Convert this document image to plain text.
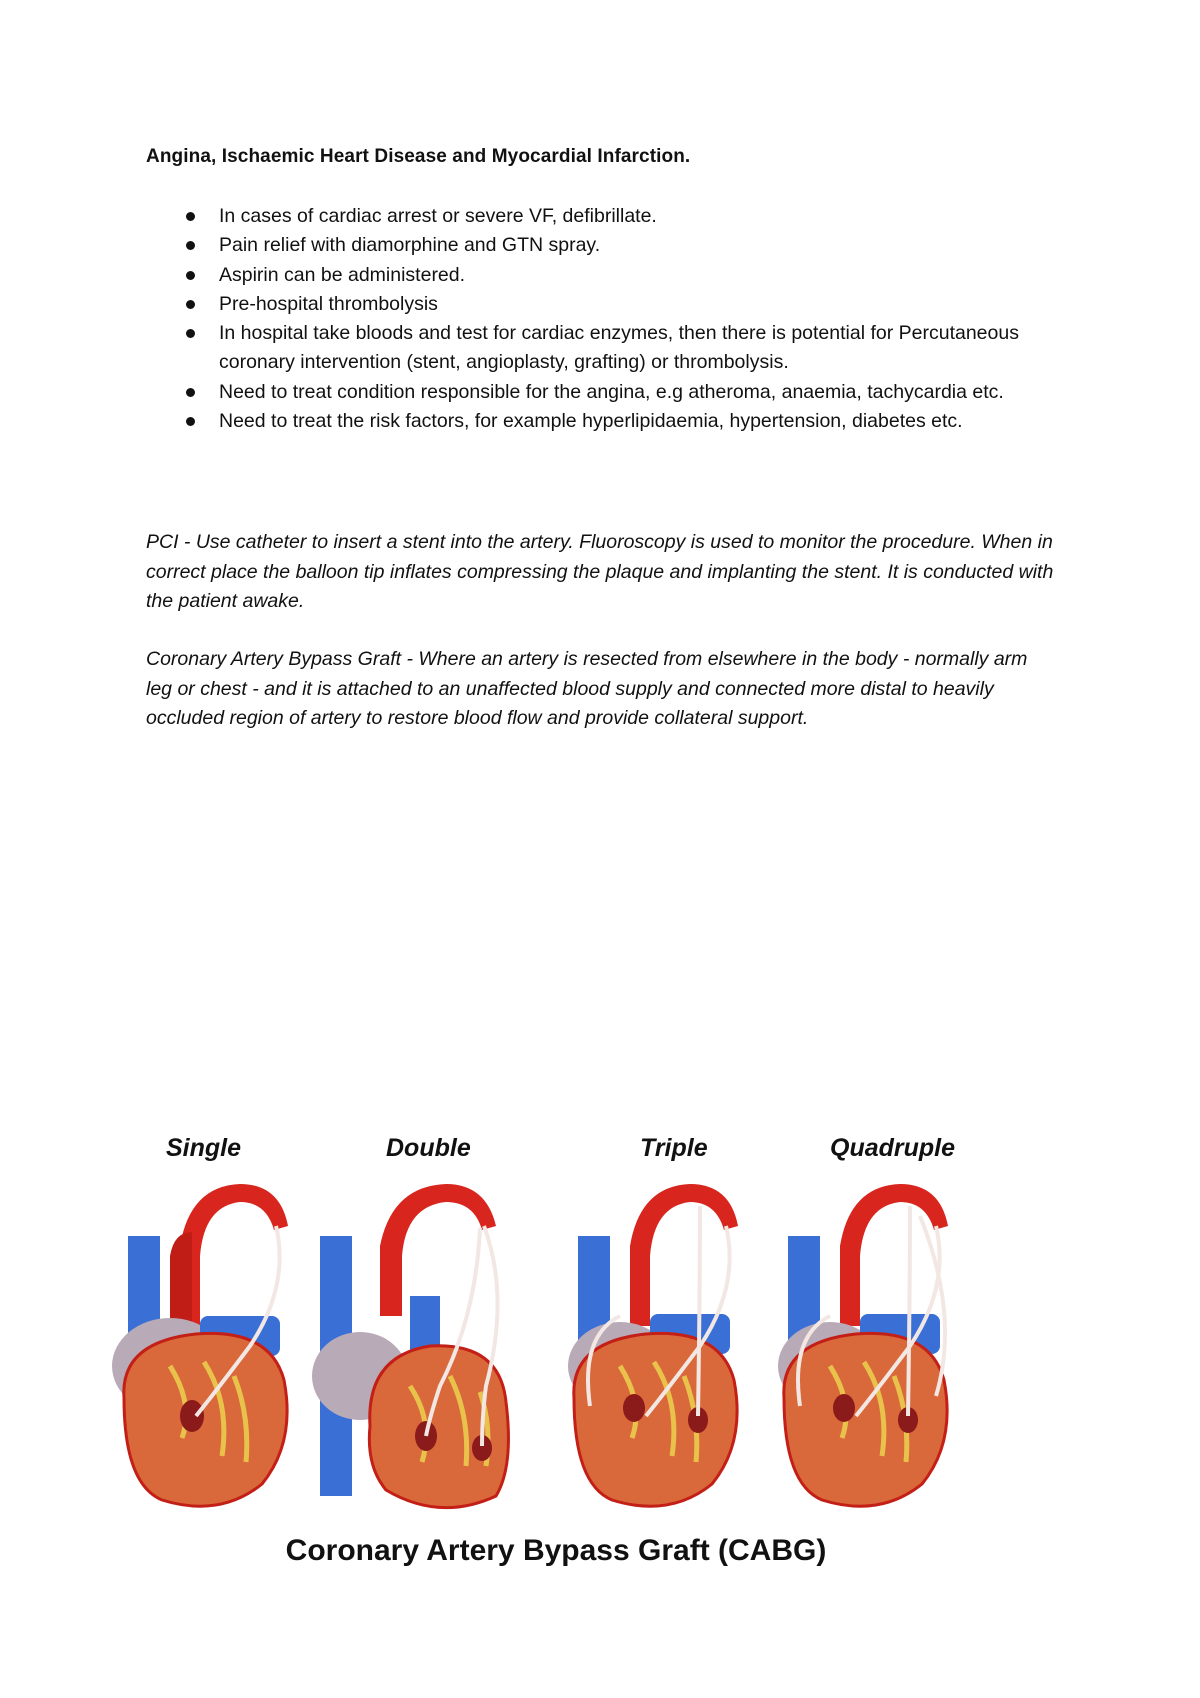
Angina, Ischaemic Heart Disease and Myocardial Infarction.
In cases of cardiac arrest or severe VF, defibrillate.
Pain relief with diamorphine and GTN spray.
Aspirin can be administered.
Pre-hospital thrombolysis
In hospital take bloods and test for cardiac enzymes, then there is potential for Percutaneous coronary intervention (stent, angioplasty, grafting) or thrombolysis.
Need to treat condition responsible for the angina, e.g atheroma, anaemia, tachycardia etc.
Need to treat the risk factors, for example hyperlipidaemia, hypertension, diabetes etc.

PCI - Use catheter to insert a stent into the artery. Fluoroscopy is used to monitor the procedure. When in correct place the balloon tip inflates compressing the plaque and implanting the stent. It is conducted with the patient awake.

Coronary Artery Bypass Graft - Where an artery is resected from elsewhere in the body - normally arm leg or chest - and it is attached to an unaffected blood supply and connected more distal to heavily occluded region of artery to restore blood flow and provide collateral support.

Single	Double	Triple	Quadruple
Coronary Artery Bypass Graft (CABG)
